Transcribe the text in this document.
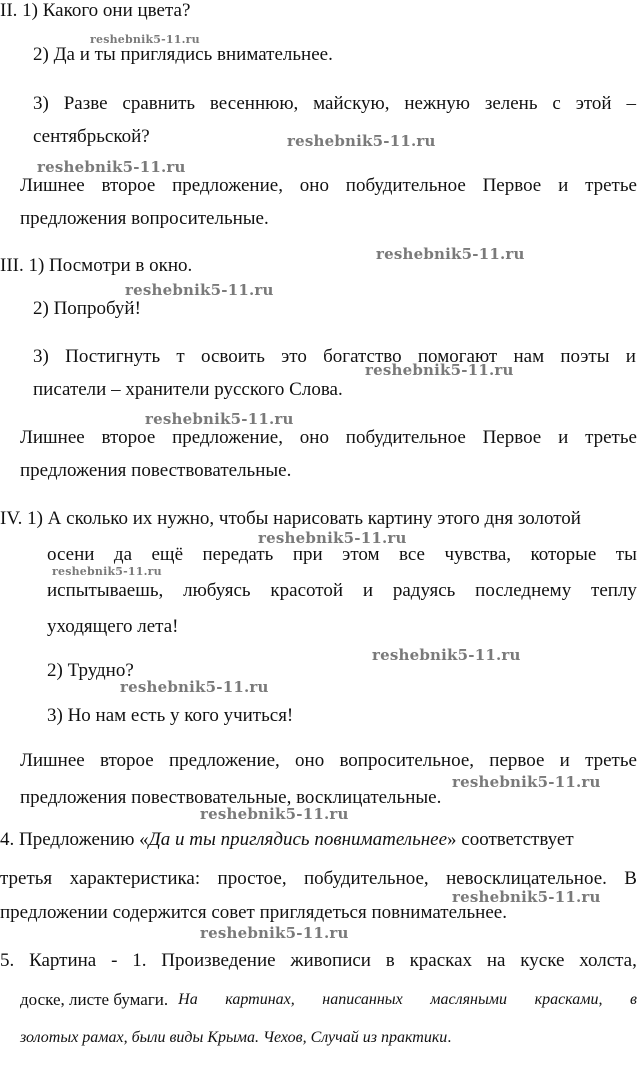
II. 1) Какого они цвета?
2) Да и ты приглядись внимательнее.
3) Разве сравнить весеннюю, майскую, нежную зелень с этой –
сентябрьской?
Лишнее второе предложение, оно побудительное Первое и третье
предложения вопросительные.
III. 1) Посмотри в окно.
2) Попробуй!
3) Постигнуть т освоить это богатство помогают нам поэты и
писатели – хранители русского Слова.
Лишнее второе предложение, оно побудительное Первое и третье
предложения повествовательные.
IV. 1) А сколько их нужно, чтобы нарисовать картину этого дня золотой
осени да ещё передать при этом все чувства, которые ты
испытываешь, любуясь красотой и радуясь последнему теплу
уходящего лета!
2) Трудно?
3) Но нам есть у кого учиться!
Лишнее второе предложение, оно вопросительное, первое и третье
предложения повествовательные, восклицательные.
4. Предложению «Да и ты приглядись повнимательнее» соответствует
третья характеристика: простое, побудительное, невосклицательное. В
предложении содержится совет приглядеться повнимательнее.
5. Картина - 1. Произведение живописи в красках на куске холста,
доске, листе бумаги. На картинах, написанных масляными красками, в
золотых рамах, были виды Крыма. Чехов, Случай из практики.
reshebnik5-11.ru
reshebnik5-11.ru
reshebnik5-11.ru
reshebnik5-11.ru
reshebnik5-11.ru
reshebnik5-11.ru
reshebnik5-11.ru
reshebnik5-11.ru
reshebnik5-11.ru
reshebnik5-11.ru
reshebnik5-11.ru
reshebnik5-11.ru
reshebnik5-11.ru
reshebnik5-11.ru
reshebnik5-11.ru
